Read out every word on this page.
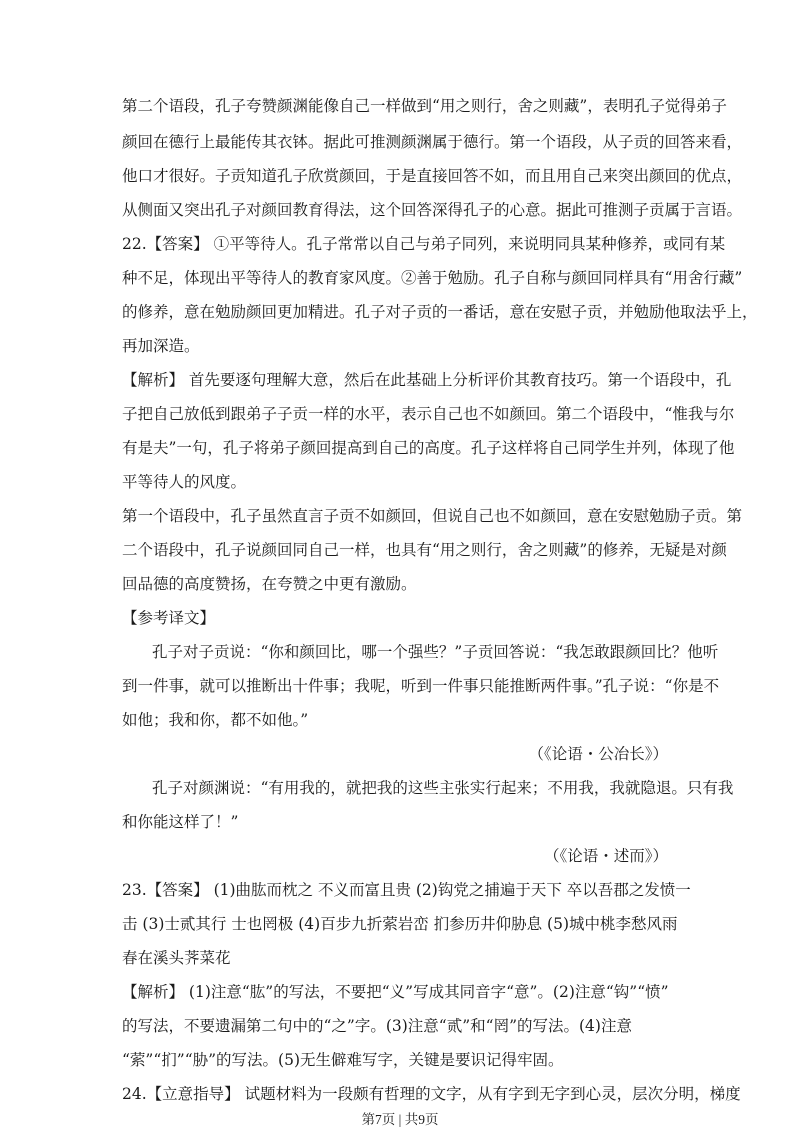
第二个语段，孔子夸赞颜渊能像自己一样做到“用之则行，舍之则藏”，表明孔子觉得弟子
颜回在德行上最能传其衣钵。据此可推测颜渊属于德行。第一个语段，从子贡的回答来看，
他口才很好。子贡知道孔子欣赏颜回，于是直接回答不如，而且用自己来突出颜回的优点，
从侧面又突出孔子对颜回教育得法，这个回答深得孔子的心意。据此可推测子贡属于言语。
22.【答案】 ①平等待人。孔子常常以自己与弟子同列，来说明同具某种修养，或同有某
种不足，体现出平等待人的教育家风度。②善于勉励。孔子自称与颜回同样具有“用舍行藏”
的修养，意在勉励颜回更加精进。孔子对子贡的一番话，意在安慰子贡，并勉励他取法乎上，
再加深造。
【解析】 首先要逐句理解大意，然后在此基础上分析评价其教育技巧。第一个语段中，孔
子把自己放低到跟弟子子贡一样的水平，表示自己也不如颜回。第二个语段中，“惟我与尔
有是夫”一句，孔子将弟子颜回提高到自己的高度。孔子这样将自己同学生并列，体现了他
平等待人的风度。
第一个语段中，孔子虽然直言子贡不如颜回，但说自己也不如颜回，意在安慰勉励子贡。第
二个语段中，孔子说颜回同自己一样，也具有“用之则行，舍之则藏”的修养，无疑是对颜
回品德的高度赞扬，在夸赞之中更有激励。
【参考译文】
孔子对子贡说：“你和颜回比，哪一个强些？”子贡回答说：“我怎敢跟颜回比？他听
到一件事，就可以推断出十件事；我呢，听到一件事只能推断两件事。”孔子说：“你是不
如他；我和你，都不如他。”
（《论语・公冶长》）
孔子对颜渊说：“有用我的，就把我的这些主张实行起来；不用我，我就隐退。只有我
和你能这样了！”
（《论语・述而》）
23.【答案】 (1)曲肱而枕之 不义而富且贵 (2)钩党之捕遍于天下 卒以吾郡之发愤一
击 (3)士贰其行 士也罔极 (4)百步九折萦岩峦 扪参历井仰胁息 (5)城中桃李愁风雨
春在溪头荠菜花
【解析】 (1)注意“肱”的写法，不要把“义”写成其同音字“意”。(2)注意“钩”“愤”
的写法，不要遗漏第二句中的“之”字。(3)注意“贰”和“罔”的写法。(4)注意
“萦”“扪”“胁”的写法。(5)无生僻难写字，关键是要识记得牢固。
24.【立意指导】 试题材料为一段颇有哲理的文字，从有字到无字到心灵，层次分明，梯度
第7页 | 共9页
